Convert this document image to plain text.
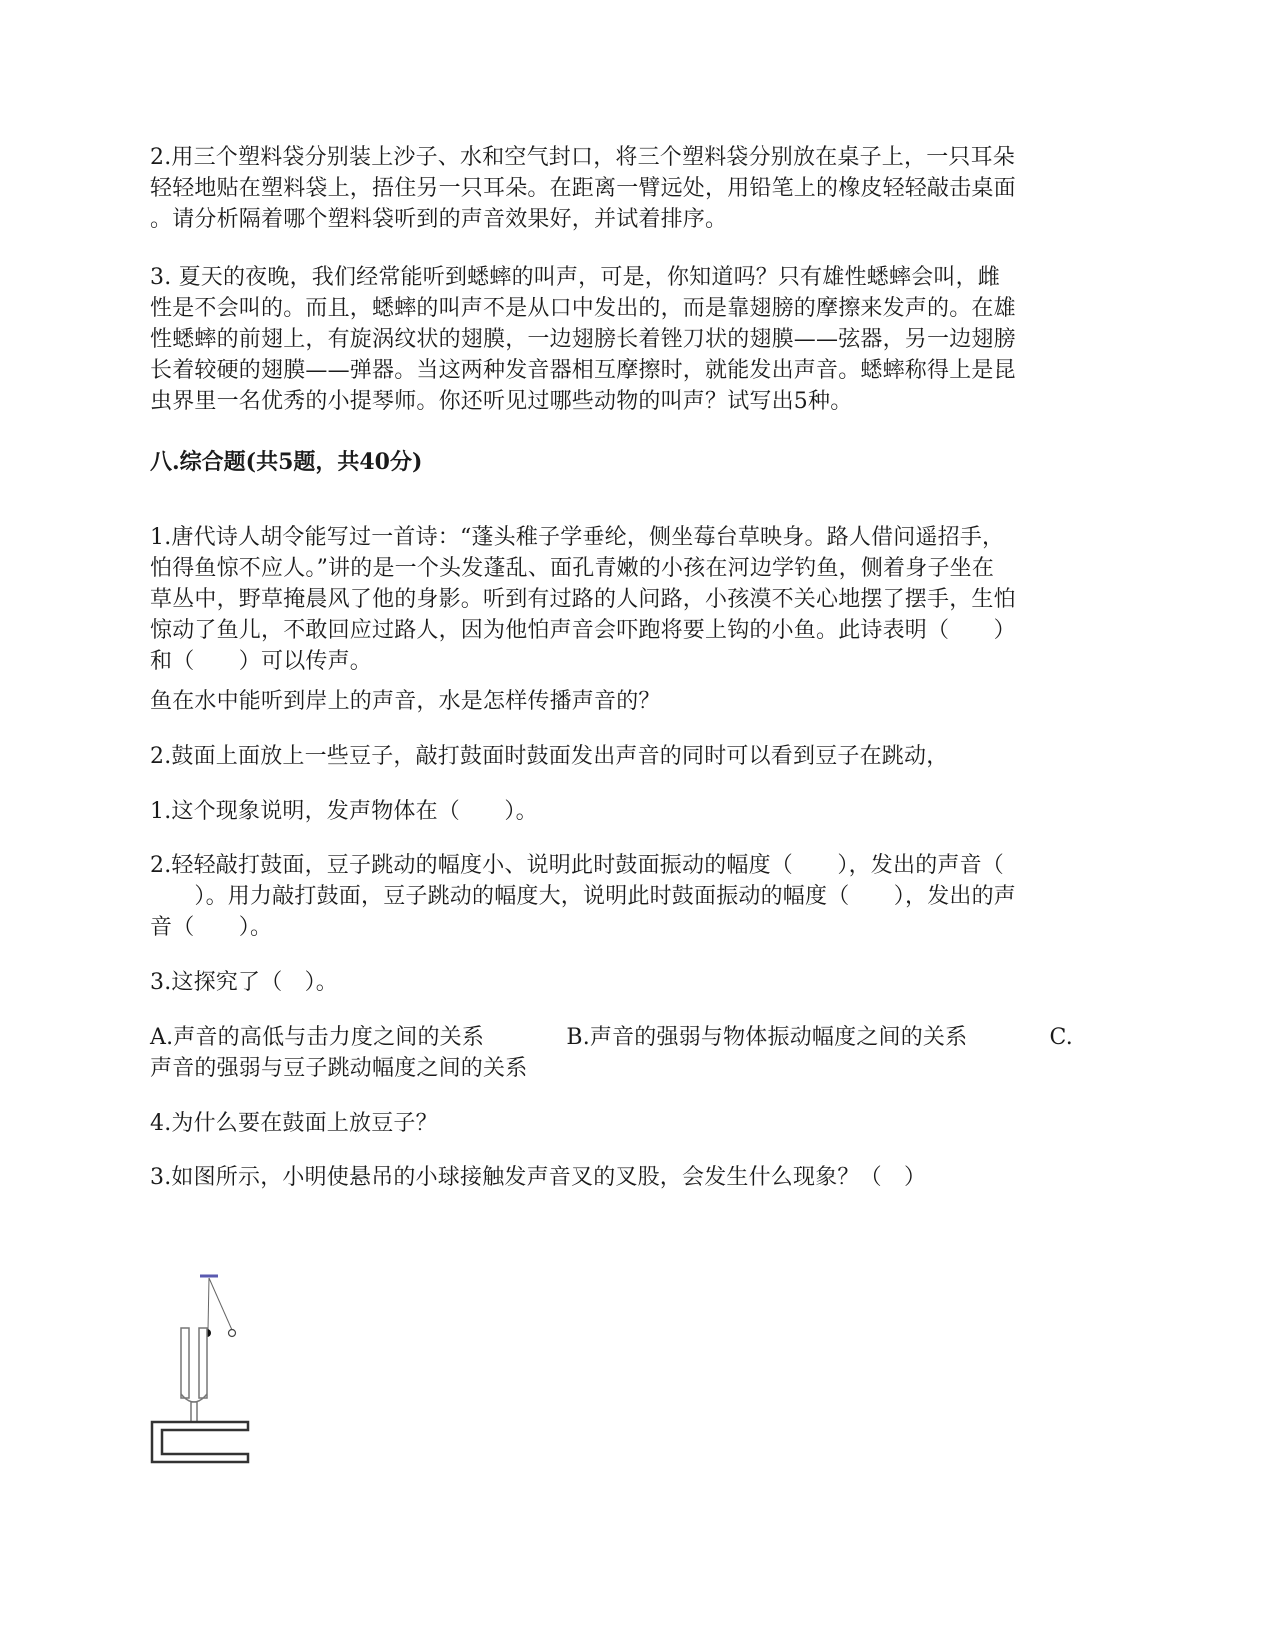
2.用三个塑料袋分别装上沙子、水和空气封口，将三个塑料袋分别放在桌子上，一只耳朵
轻轻地贴在塑料袋上，捂住另一只耳朵。在距离一臂远处，用铅笔上的橡皮轻轻敲击桌面
。请分析隔着哪个塑料袋听到的声音效果好，并试着排序。
3. 夏天的夜晚，我们经常能听到蟋蟀的叫声，可是，你知道吗？只有雄性蟋蟀会叫，雌
性是不会叫的。而且，蟋蟀的叫声不是从口中发出的，而是靠翅膀的摩擦来发声的。在雄
性蟋蟀的前翅上，有旋涡纹状的翅膜，一边翅膀长着锉刀状的翅膜——弦器，另一边翅膀
长着较硬的翅膜——弹器。当这两种发音器相互摩擦时，就能发出声音。蟋蟀称得上是昆
虫界里一名优秀的小提琴师。你还听见过哪些动物的叫声？试写出5种。
八.综合题(共5题，共40分)
1.唐代诗人胡令能写过一首诗：“蓬头稚子学垂纶，侧坐莓台草映身。路人借问遥招手，
怕得鱼惊不应人。”讲的是一个头发蓬乱、面孔青嫩的小孩在河边学钓鱼，侧着身子坐在
草丛中，野草掩晨风了他的身影。听到有过路的人问路，小孩漠不关心地摆了摆手，生怕
惊动了鱼儿，不敢回应过路人，因为他怕声音会吓跑将要上钩的小鱼。此诗表明（　　）
和（　　）可以传声。
鱼在水中能听到岸上的声音，水是怎样传播声音的？
2.鼓面上面放上一些豆子，敲打鼓面时鼓面发出声音的同时可以看到豆子在跳动，
1.这个现象说明，发声物体在（　　）。
2.轻轻敲打鼓面，豆子跳动的幅度小、说明此时鼓面振动的幅度（　　），发出的声音（
　　）。用力敲打鼓面，豆子跳动的幅度大，说明此时鼓面振动的幅度（　　），发出的声
音（　　）。
3.这探究了（　）。
A.声音的高低与击力度之间的关系	B.声音的强弱与物体振动幅度之间的关系	C.
声音的强弱与豆子跳动幅度之间的关系
4.为什么要在鼓面上放豆子？
3.如图所示，小明使悬吊的小球接触发声音叉的叉股，会发生什么现象？（　）
